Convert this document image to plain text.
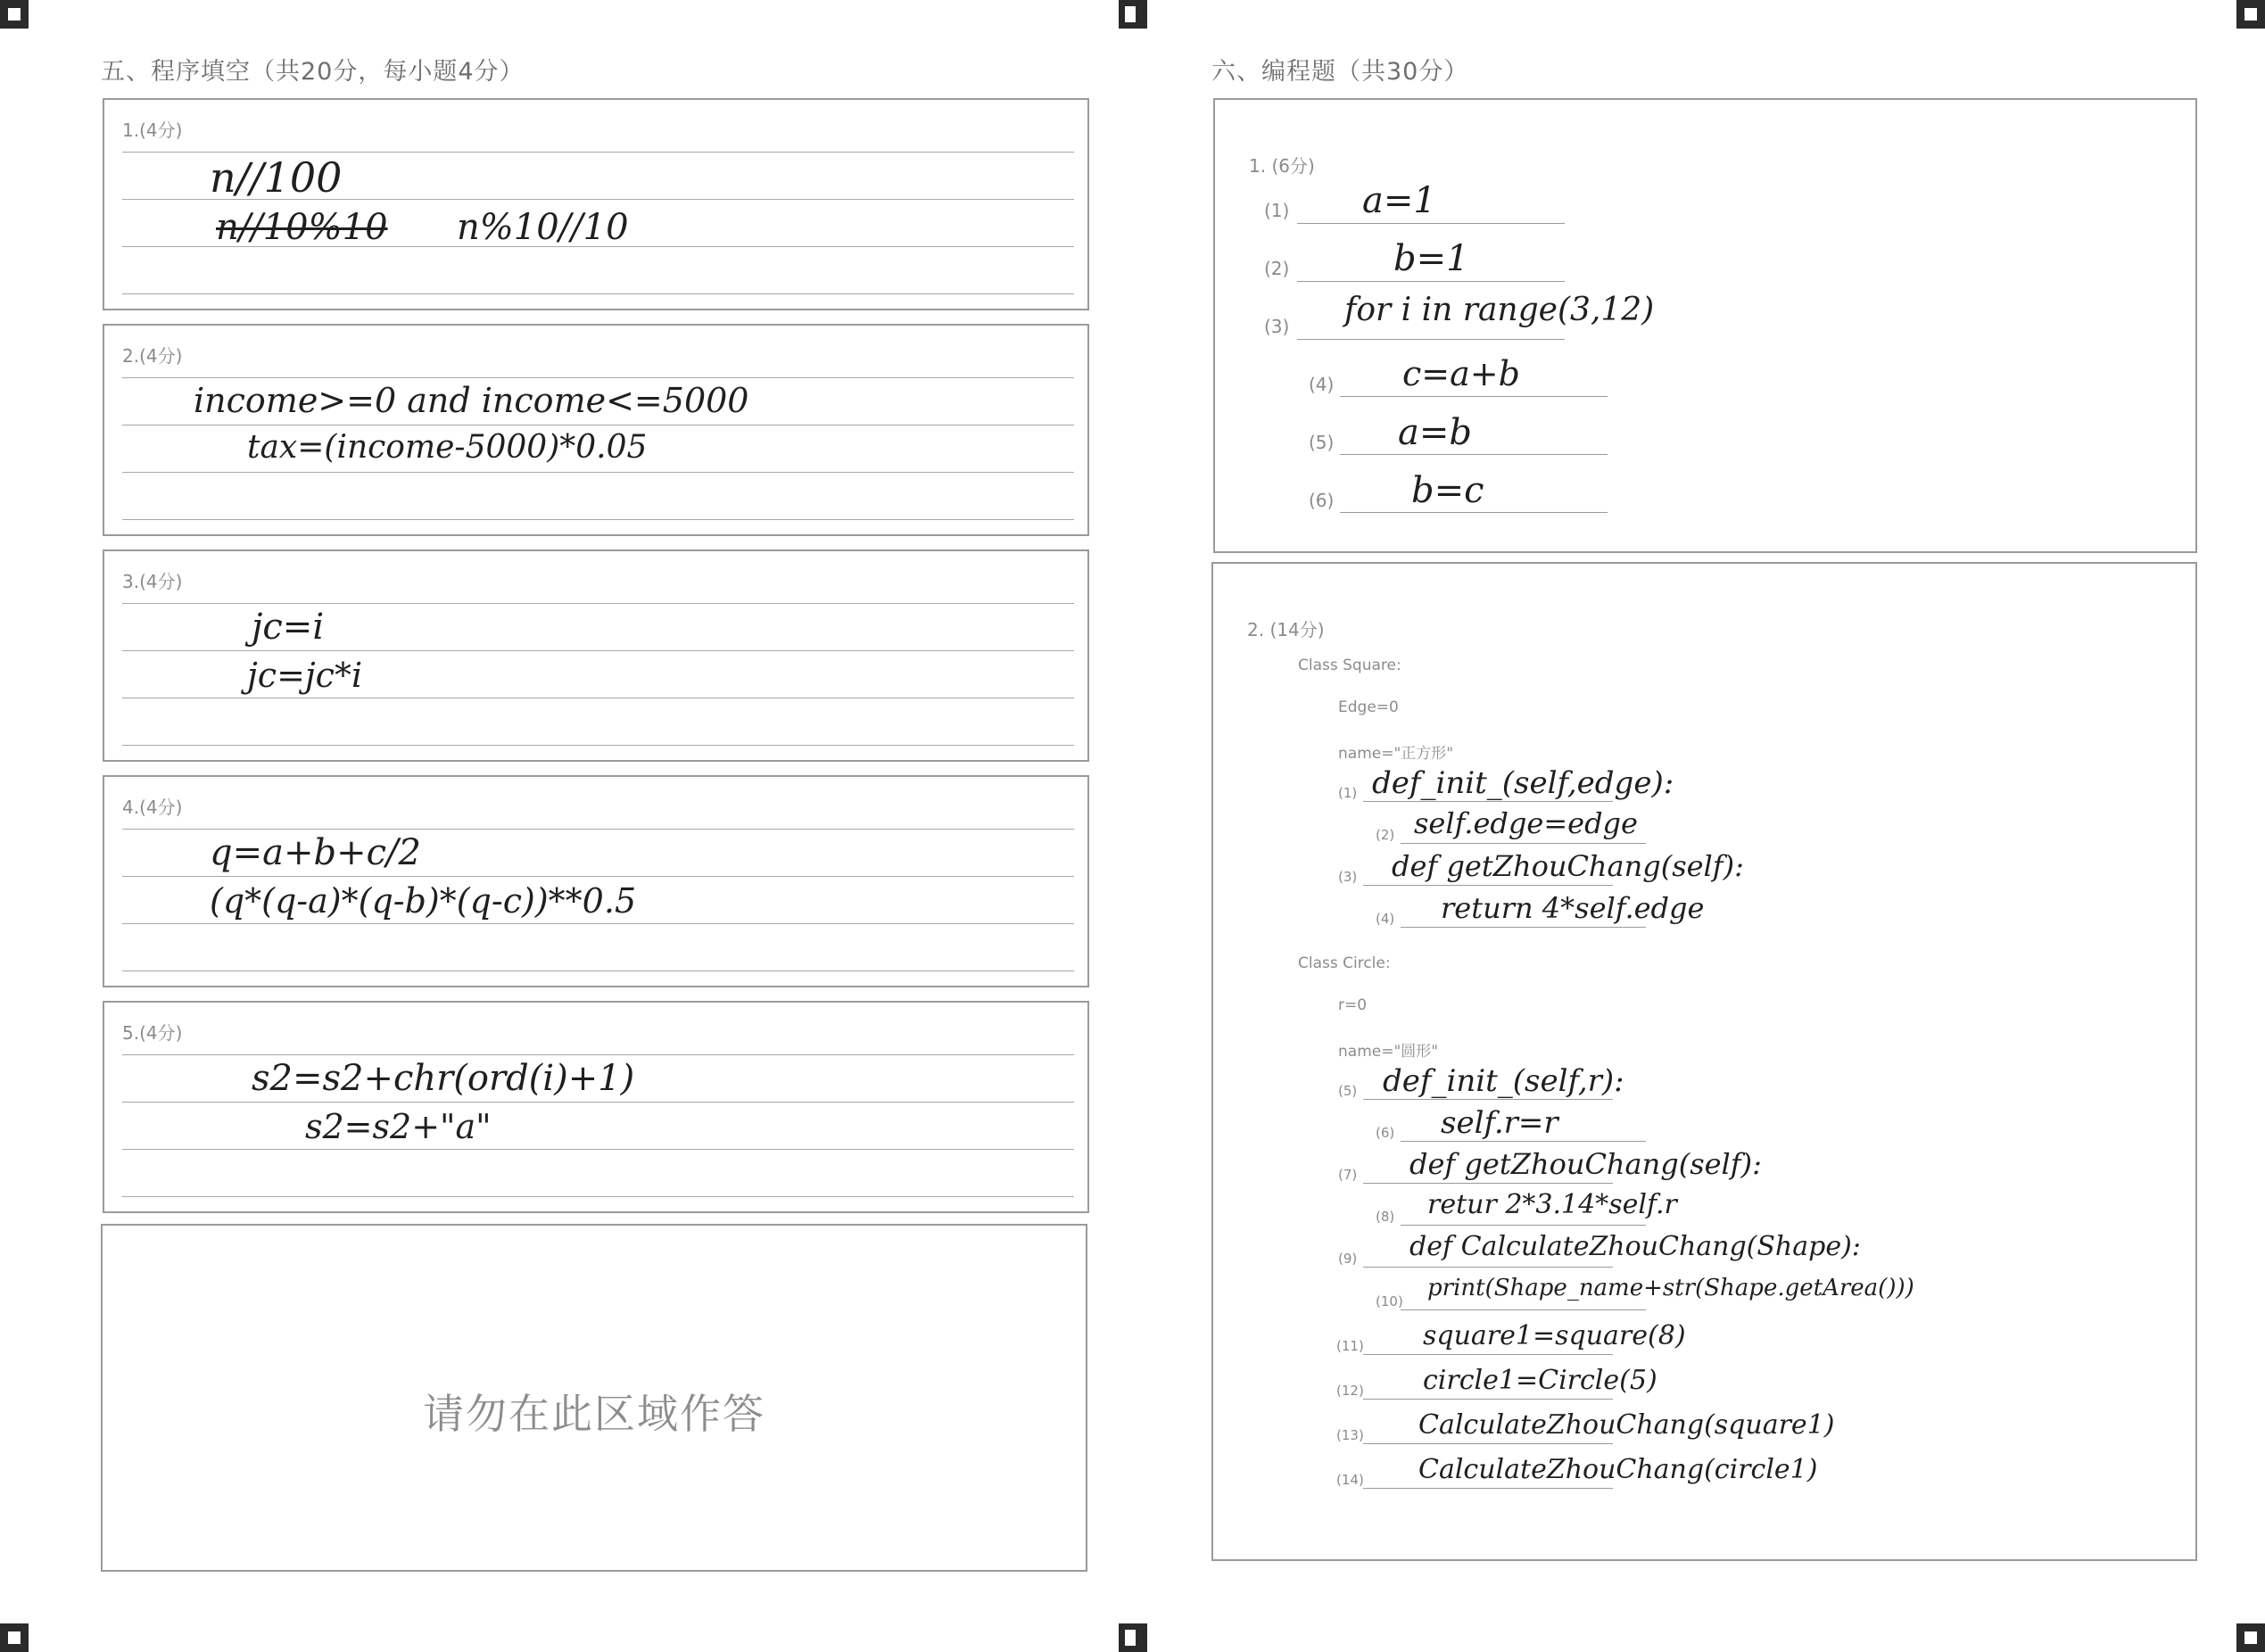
五、程序填空（共20分，每小题4分）
1.(4分)
n//100
n//10%10 n%10//10
2.(4分)
income>=0 and income<=5000
tax=(income-5000)*0.05
3.(4分)
jc=i
jc=jc*i
4.(4分)
q=a+b+c/2
(q*(q-a)*(q-b)*(q-c))**0.5
5.(4分)
s2=s2+chr(ord(i)+1)
s2=s2+"a"
请勿在此区域作答
六、编程题（共30分）
1. (6分)
(1) a=1
(2)	b=1
(3) for i in range(3,12)
(4) c=a+b
(5) a=b
(6) b=c
2. (14分)
Class Square:
Edge=0
name="正方形"
(1) def_init_(self,edge):
(2) self.edge=edge
(3) def getZhouChang(self):
(4) return 4*self.edge
Class Circle:
r=0
name="圆形"
(5) def_init_(self,r):
(6) self.r=r
(7) def getZhouChang(self):
(8) retur 2*3.14*self.r
(9) def CalculateZhouChang(Shape):
(10) print(Shape_name+str(Shape.getArea()))
(11) square1=square(8)
(12) circle1=Circle(5)
(13) CalculateZhouChang(square1)
(14) CalculateZhouChang(circle1)
